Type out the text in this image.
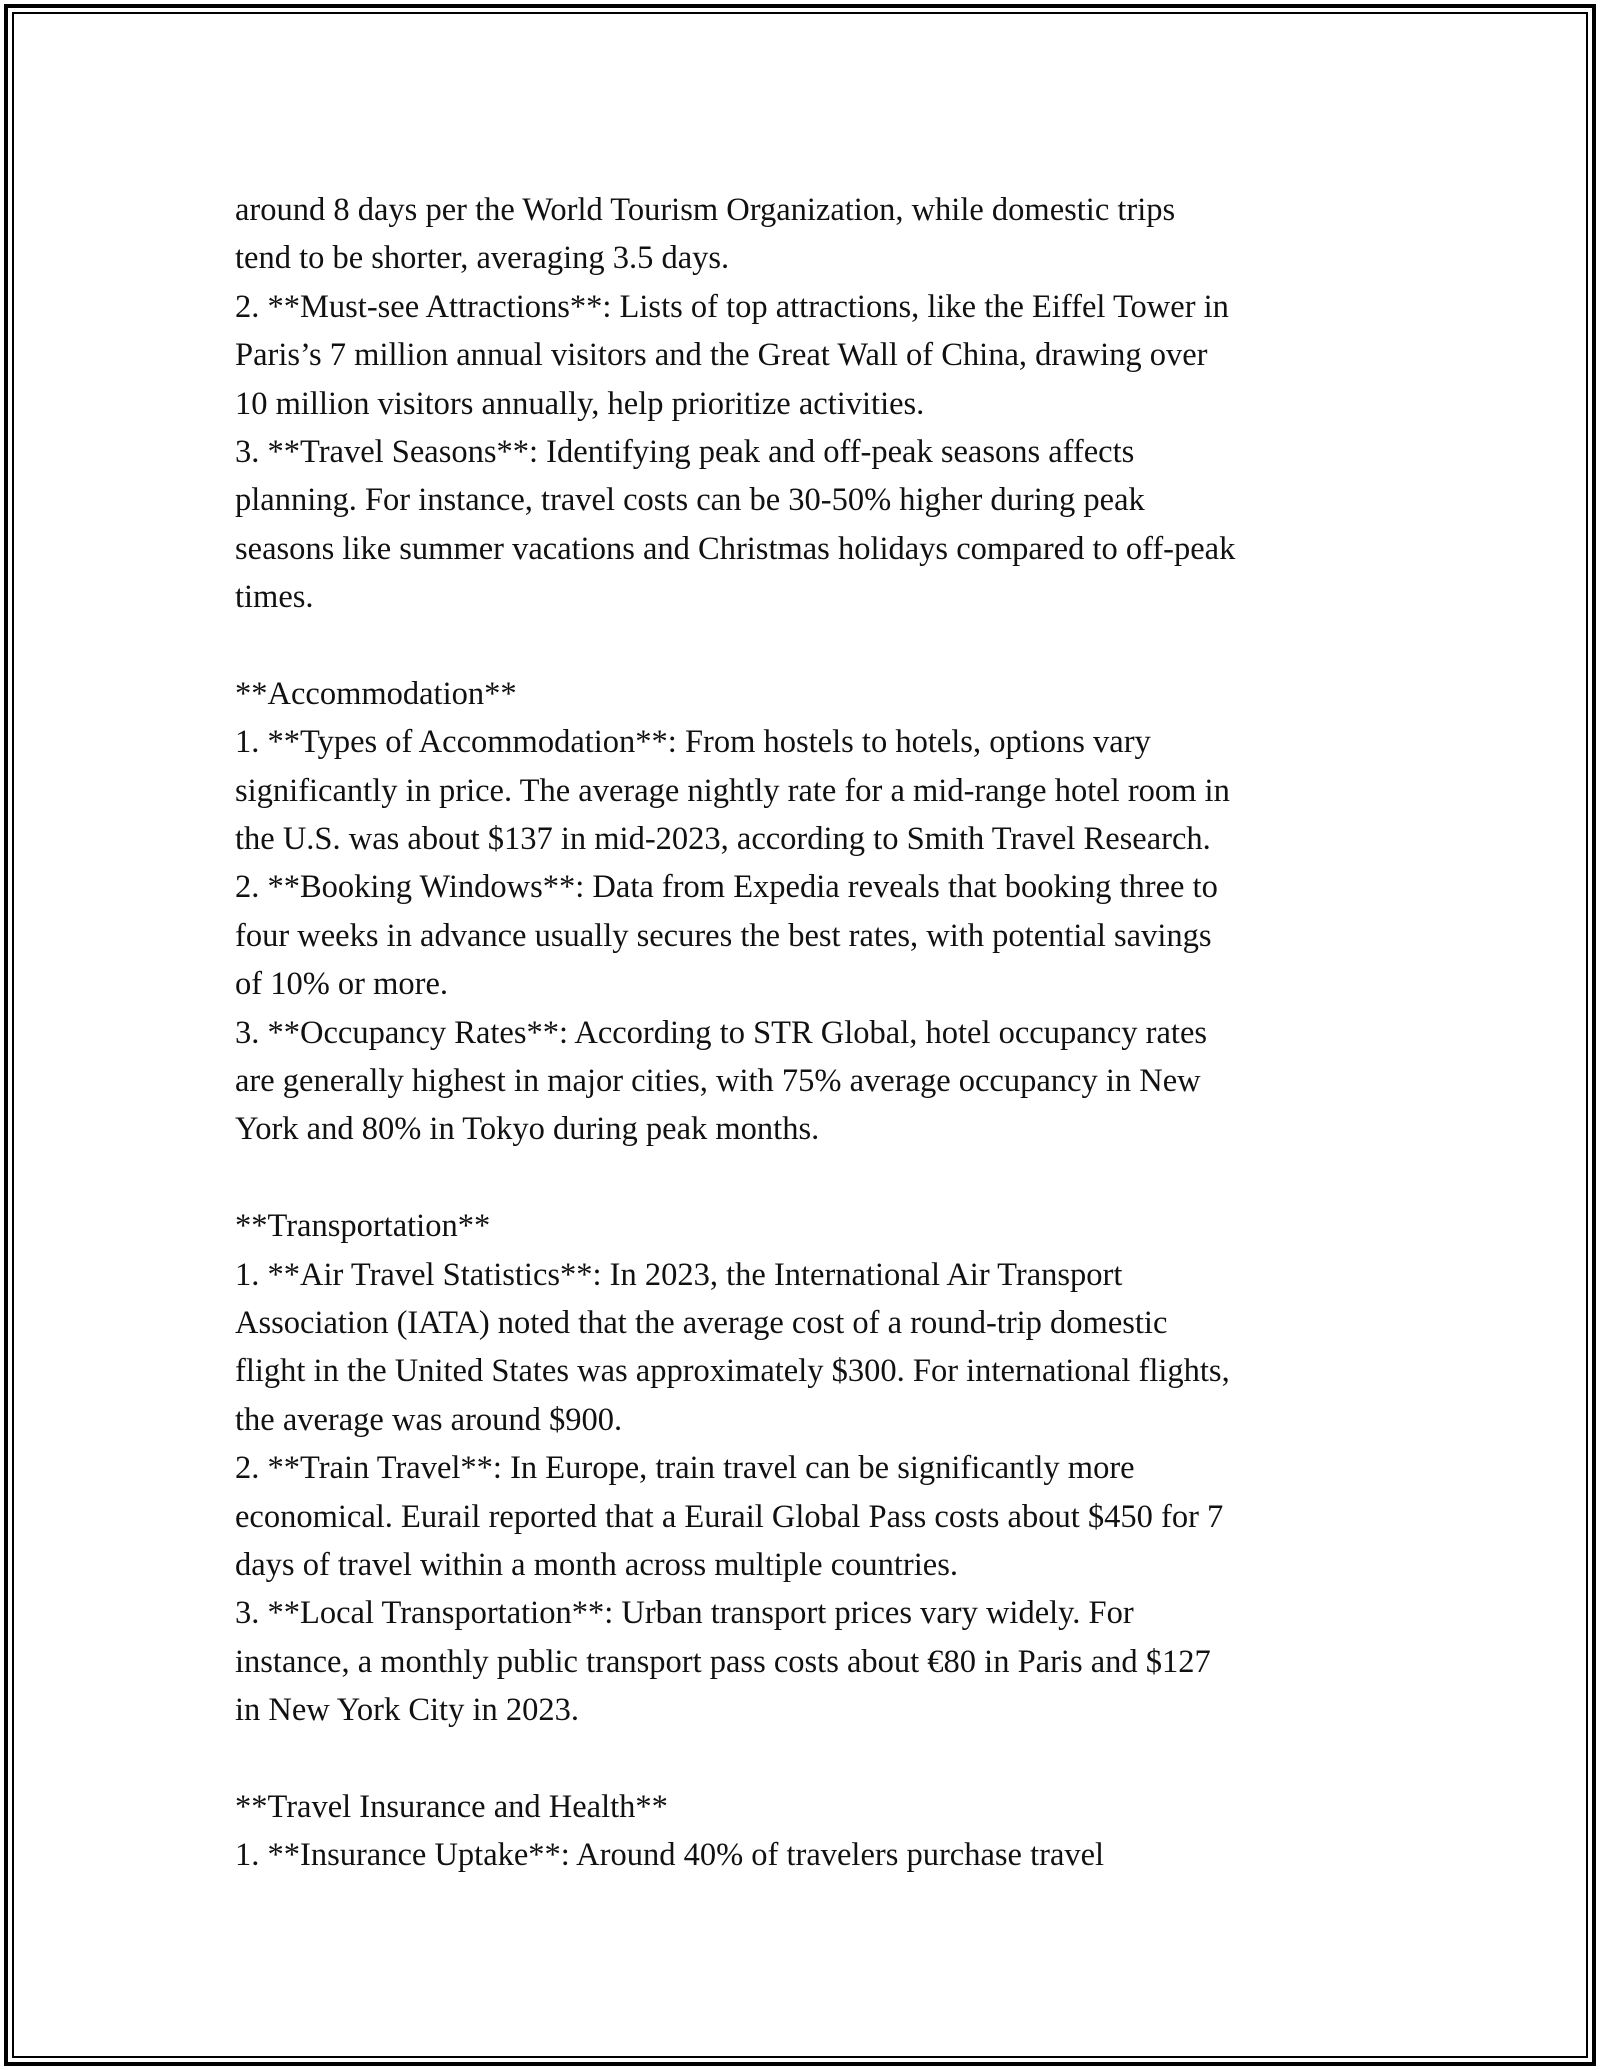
around 8 days per the World Tourism Organization, while domestic trips
tend to be shorter, averaging 3.5 days.
2. **Must-see Attractions**: Lists of top attractions, like the Eiffel Tower in
Paris’s 7 million annual visitors and the Great Wall of China, drawing over
10 million visitors annually, help prioritize activities.
3. **Travel Seasons**: Identifying peak and off-peak seasons affects
planning. For instance, travel costs can be 30-50% higher during peak
seasons like summer vacations and Christmas holidays compared to off-peak
times.
**Accommodation**
1. **Types of Accommodation**: From hostels to hotels, options vary
significantly in price. The average nightly rate for a mid-range hotel room in
the U.S. was about $137 in mid-2023, according to Smith Travel Research.
2. **Booking Windows**: Data from Expedia reveals that booking three to
four weeks in advance usually secures the best rates, with potential savings
of 10% or more.
3. **Occupancy Rates**: According to STR Global, hotel occupancy rates
are generally highest in major cities, with 75% average occupancy in New
York and 80% in Tokyo during peak months.
**Transportation**
1. **Air Travel Statistics**: In 2023, the International Air Transport
Association (IATA) noted that the average cost of a round-trip domestic
flight in the United States was approximately $300. For international flights,
the average was around $900.
2. **Train Travel**: In Europe, train travel can be significantly more
economical. Eurail reported that a Eurail Global Pass costs about $450 for 7
days of travel within a month across multiple countries.
3. **Local Transportation**: Urban transport prices vary widely. For
instance, a monthly public transport pass costs about €80 in Paris and $127
in New York City in 2023.
**Travel Insurance and Health**
1. **Insurance Uptake**: Around 40% of travelers purchase travel
